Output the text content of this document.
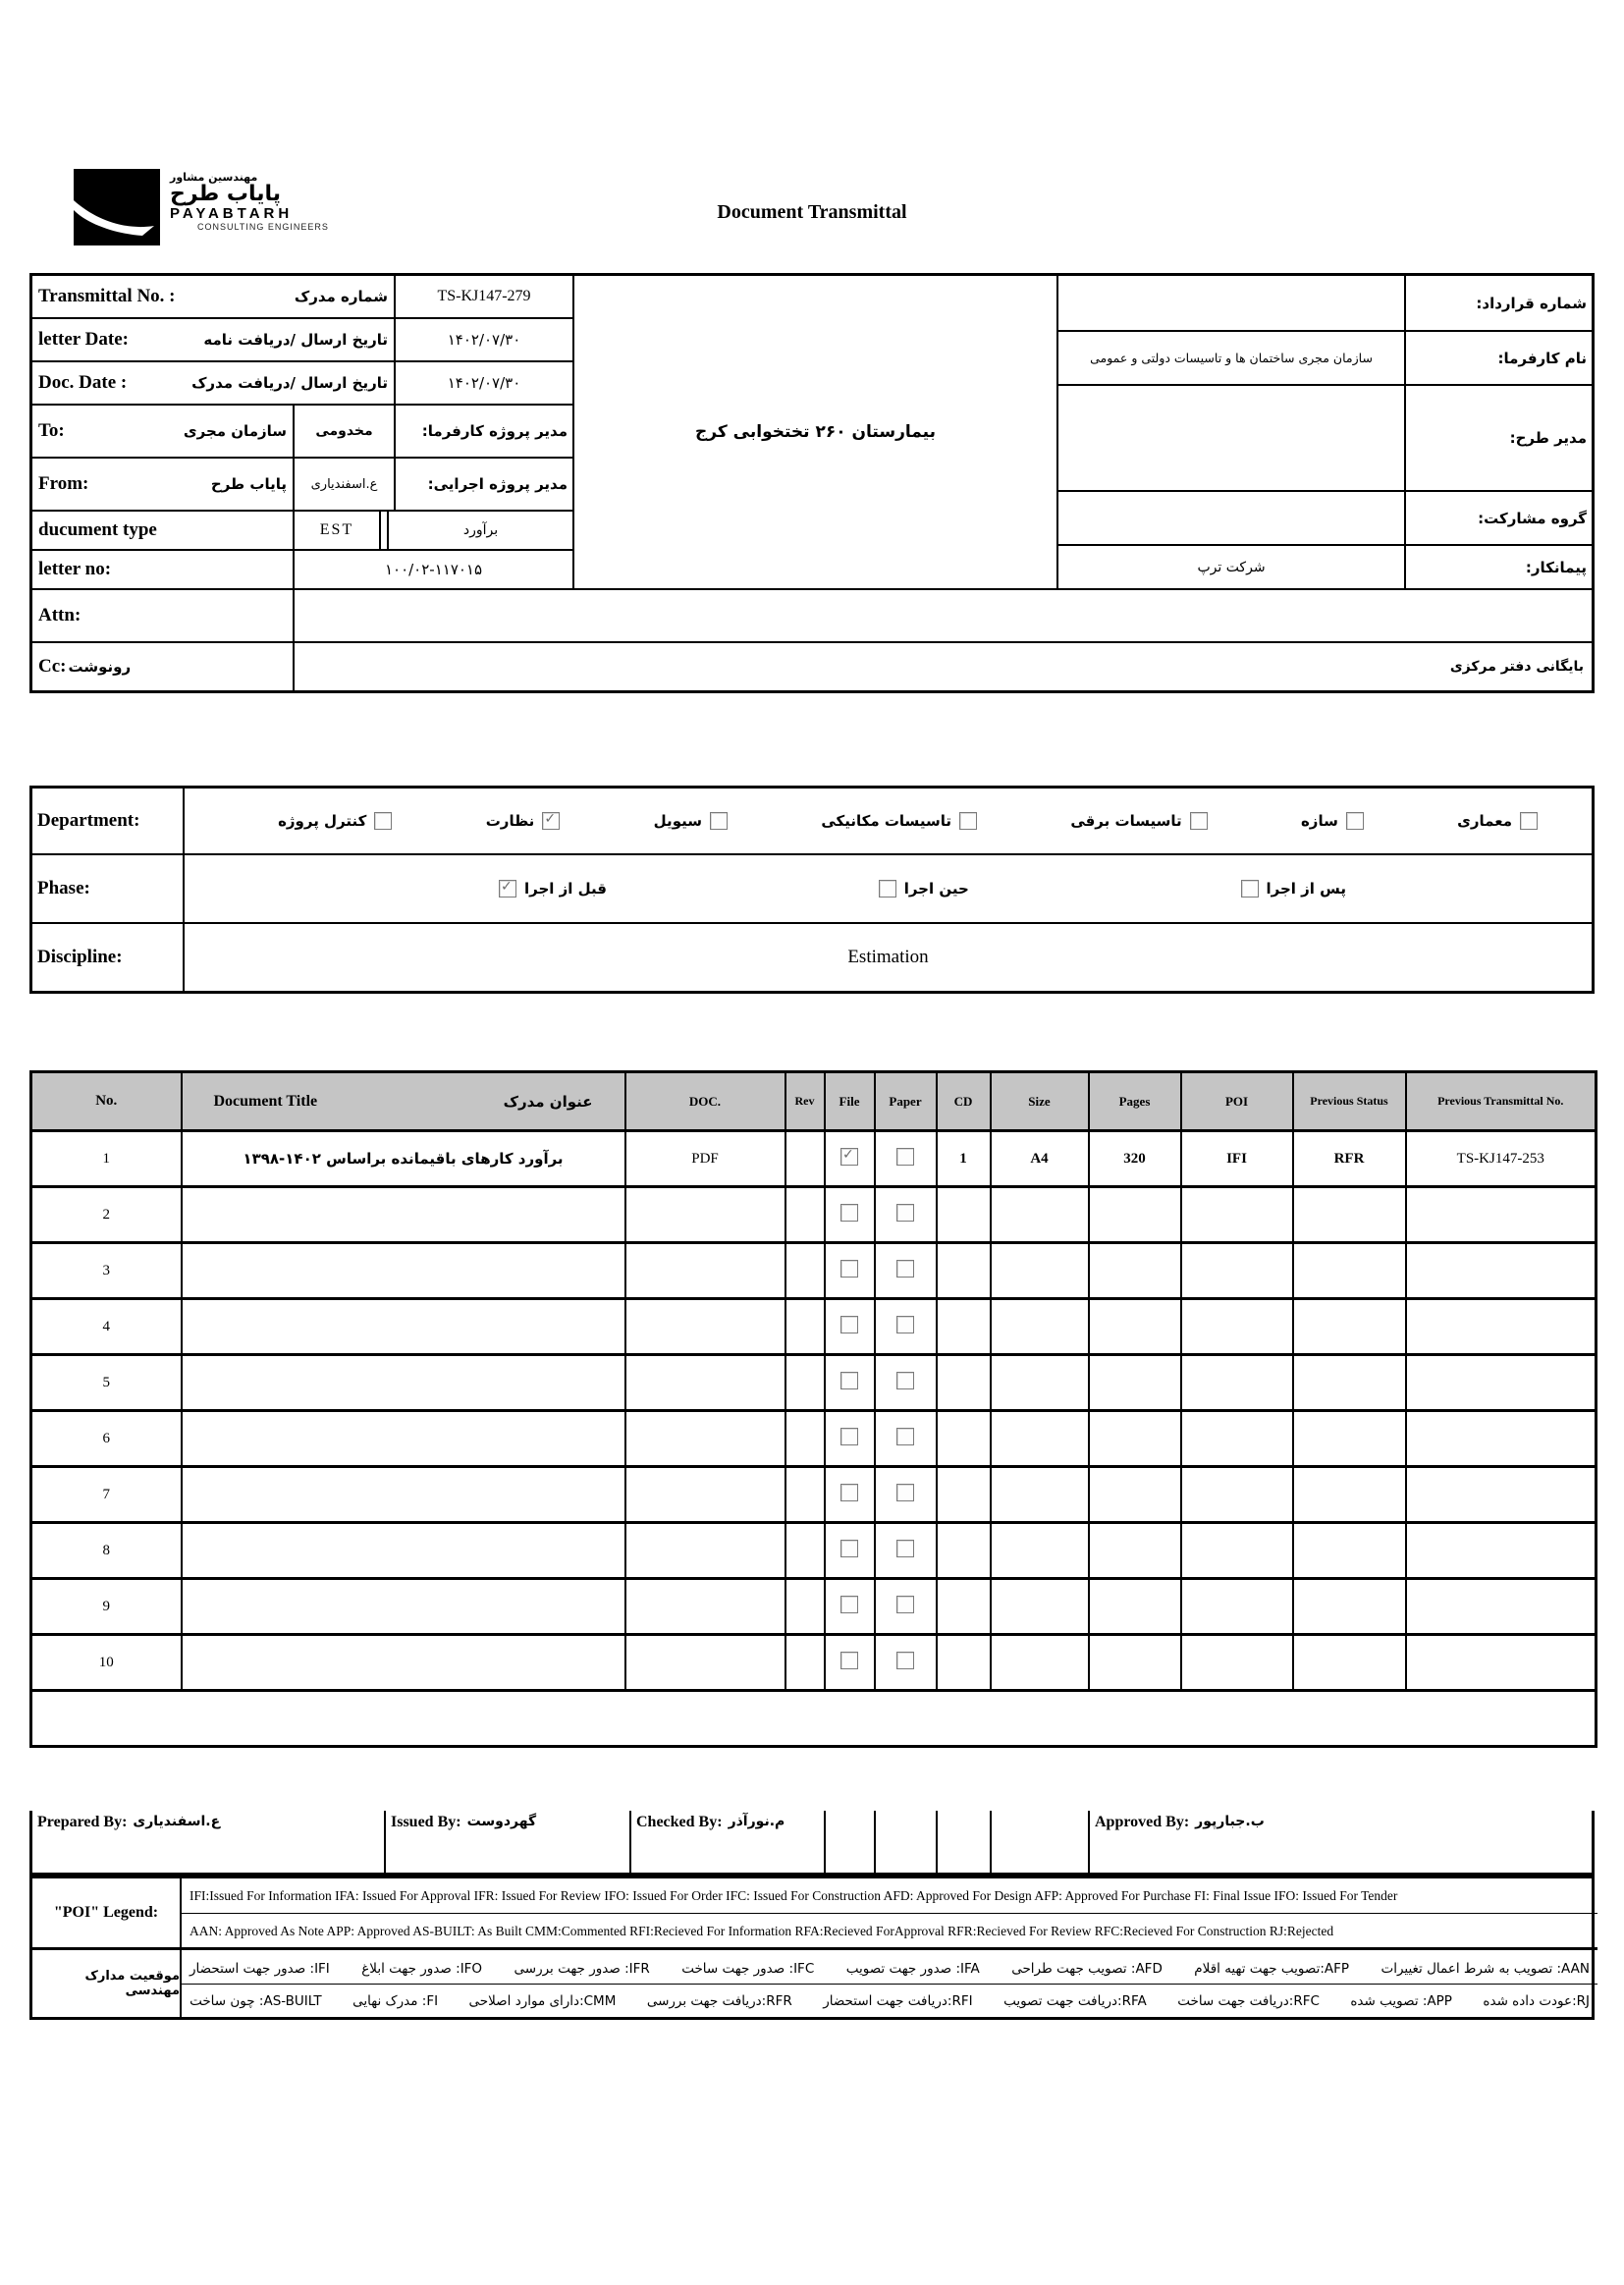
مهندسین مشاور
پایاب طرح
PAYABTARH
CONSULTING ENGINEERS
Document Transmittal
Transmittal No. :	شماره مدرک	TS-KJ147-279
letter Date:	تاریخ ارسال /دریافت نامه	۱۴۰۲/۰۷/۳۰
Doc. Date :	تاریخ ارسال /دریافت مدرک	۱۴۰۲/۰۷/۳۰
To:	سازمان مجری	مخدومی	مدیر پروژه کارفرما:
From:	پایاب طرح	ع.اسفندیاری	مدیر پروژه اجرایی:
ducument type	EST	برآورد
letter no:	۱۰۰/۰۲-۱۱۷۰۱۵
بیمارستان ۲۶۰ تختخوابی کرج
شماره قرارداد:
سازمان مجری ساختمان ها و تاسیسات دولتی و عمومی	نام کارفرما:
مدیر طرح:
گروه مشارکت:
شرکت ترپ	پیمانکار:
Attn:
Cc: رونوشت	بایگانی دفتر مرکزی
Department:	معماری
سازه
تاسیسات برقی
تاسیسات مکانیکی
سیویل
✓
نظارت
کنترل پروژه
Phase:	پس از اجرا
حین اجرا
✓
قبل از اجرا
Discipline:	Estimation
No.	Document Title عنوان مدرک	DOC.	Rev	File	Paper	CD	Size	Pages	POI	Previous Status	Previous Transmittal No.
1	برآورد کارهای باقیمانده براساس ۱۴۰۲-۱۳۹۸	PDF		✓		1	A4	320	IFI	RFR	TS-KJ147-253
2											
3											
4											
5											
6											
7											
8											
9											
10											

Prepared By: ع.اسفندیاری	Issued By: گهردوست	Checked By: م.نورآذر	Approved By: ب.جبارپور
"POI" Legend:
موقعیت مدارک مهندسی
IFI:Issued For Information IFA: Issued For Approval IFR: Issued For Review IFO: Issued For Order IFC: Issued For Construction AFD: Approved For Design AFP: Approved For Purchase FI: Final Issue IFO: Issued For Tender
AAN: Approved As Note APP: Approved AS-BUILT: As Built CMM:Commented RFI:Recieved For Information RFA:Recieved ForApproval RFR:Recieved For Review RFC:Recieved For Construction RJ:Rejected
AAN: تصویب به شرط اعمال تغییرات
AFP:تصویب جهت تهیه اقلام
AFD: تصویب جهت طراحی
IFA: صدور جهت تصویب
IFC: صدور جهت ساخت
IFR: صدور جهت بررسی
IFO: صدور جهت ابلاغ
IFI: صدور جهت استحضار
RJ:عودت داده شده
APP: تصویب شده
RFC:دریافت جهت ساخت
RFA:دریافت جهت تصویب
RFI:دریافت جهت استحضار
RFR:دریافت جهت بررسی
CMM:دارای موارد اصلاحی
FI: مدرک نهایی
AS-BUILT: چون ساخت
